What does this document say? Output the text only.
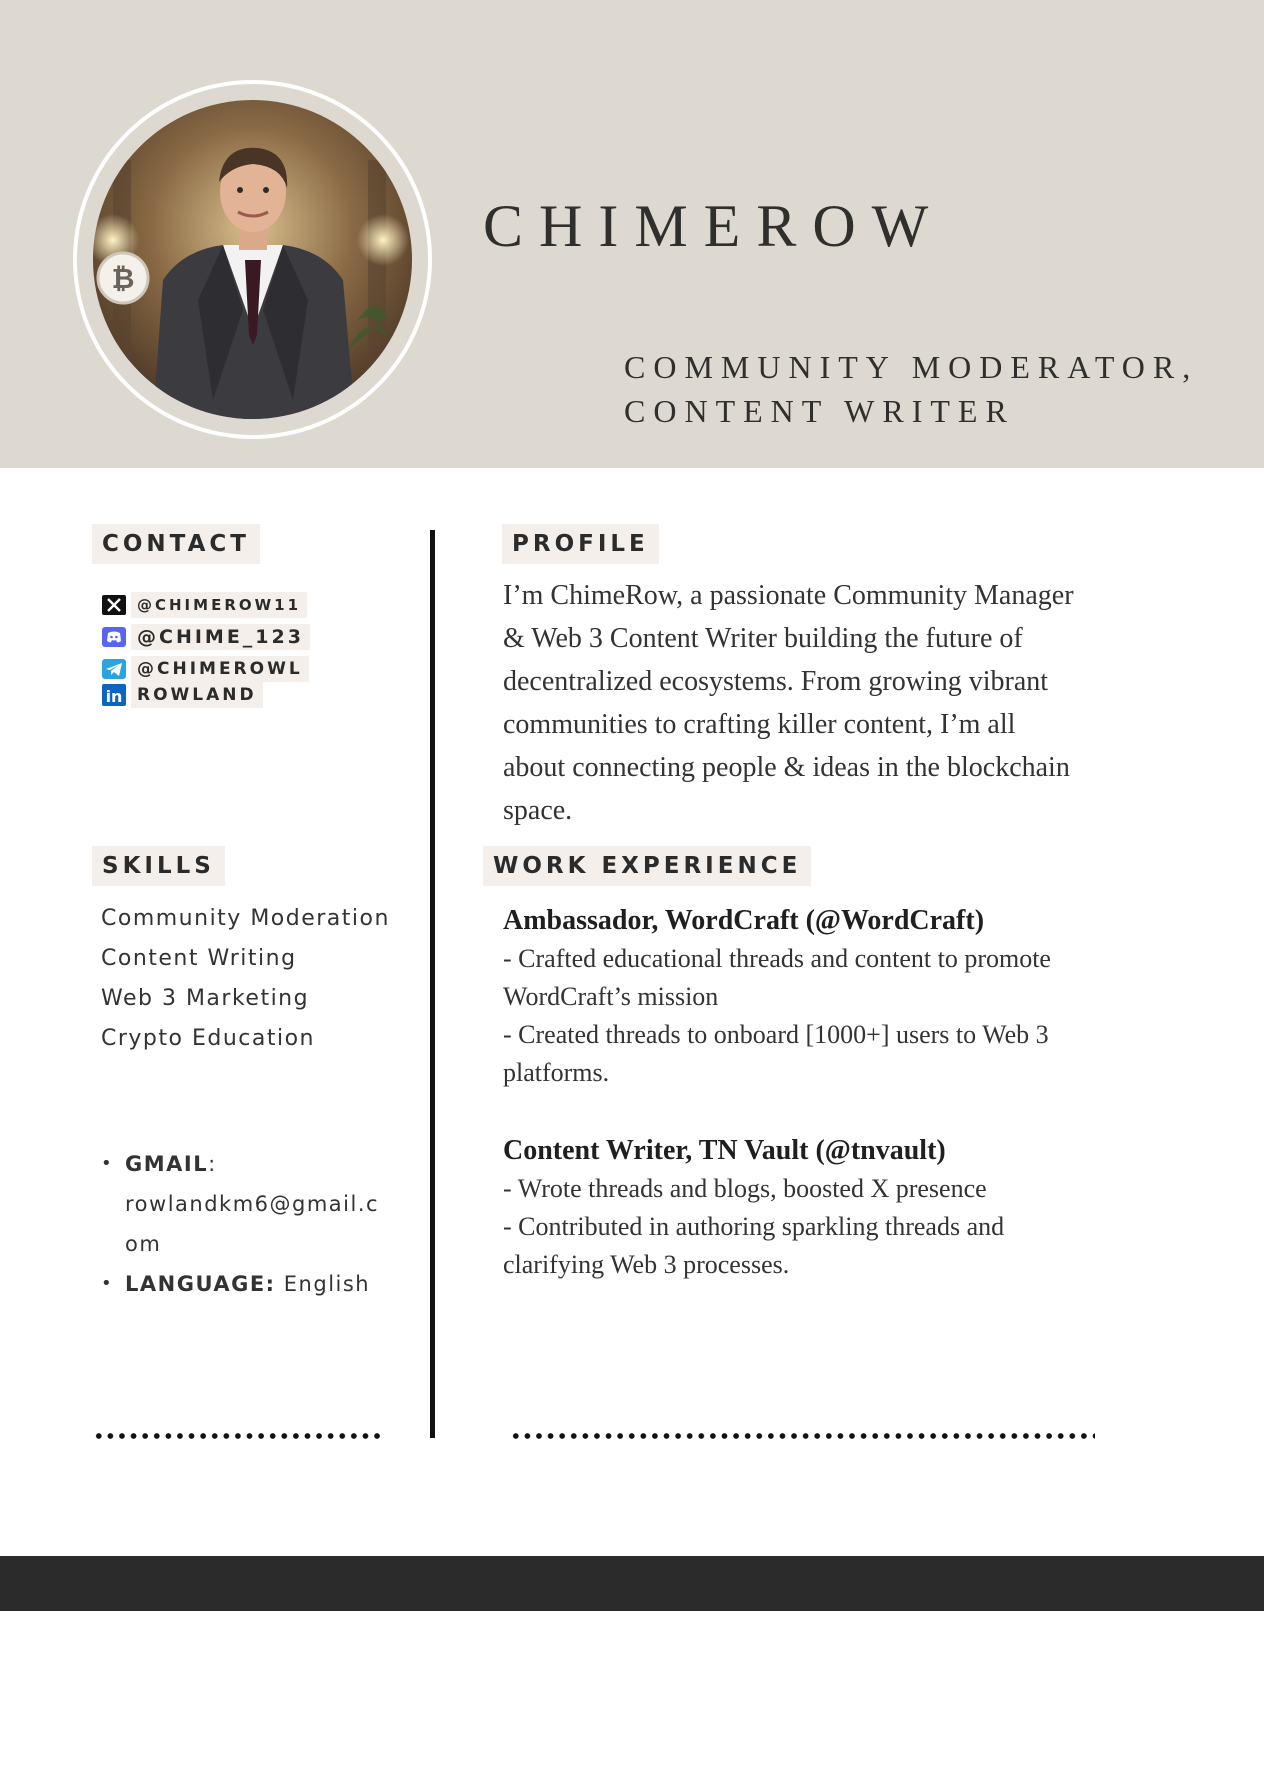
₿
CHIMEROW
COMMUNITY MODERATOR,
CONTENT WRITER
CONTACT
@CHIMEROW11
@CHIME_123
@CHIMEROWL
in ROWLAND
SKILLS
Community Moderation
Content Writing
Web 3 Marketing
Crypto Education
• GMAIL:
rowlandkm6@gmail.c
om
• LANGUAGE: English
PROFILE
I’m ChimeRow, a passionate Community Manager
& Web 3 Content Writer building the future of
decentralized ecosystems. From growing vibrant
communities to crafting killer content, I’m all
about connecting people & ideas in the blockchain
space.
WORK EXPERIENCE
Ambassador, WordCraft (@WordCraft)
- Crafted educational threads and content to promote
WordCraft’s mission
- Created threads to onboard [1000+] users to Web 3
platforms.
Content Writer, TN Vault (@tnvault)
- Wrote threads and blogs, boosted X presence
- Contributed in authoring sparkling threads and
clarifying Web 3 processes.
